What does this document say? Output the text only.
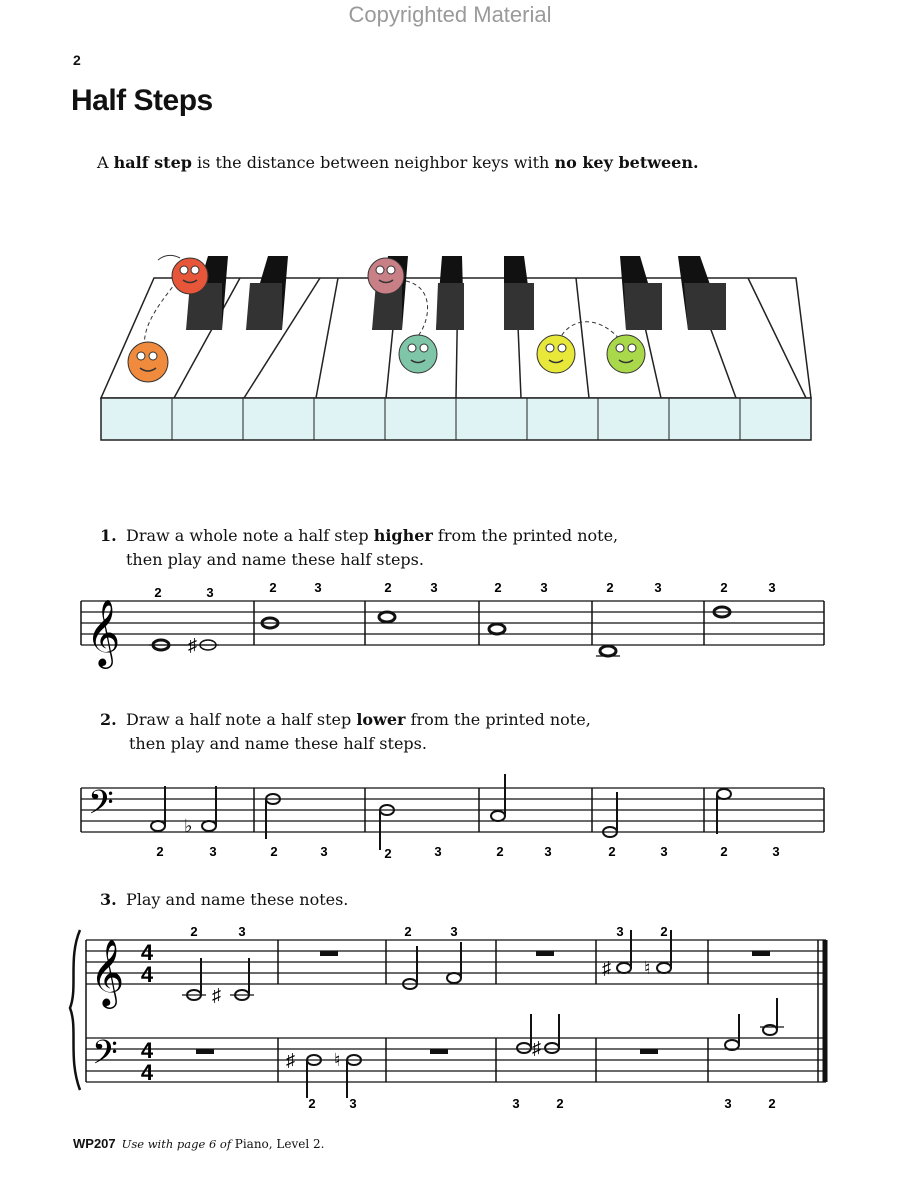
Copyrighted Material
2
Half Steps
A half step is the distance between neighbor keys with no key between.
1. Draw a whole note a half step higher from the printed note,
then play and name these half steps.
2	3	2	3	2	3	2	3	2	3	2	3
𝄞	♯
2. Draw a half note a half step lower from the printed note,
then play and name these half steps.
𝄢	♭
2	3	2	3	2	3	2	3	2	3	2	3
3. Play and name these notes.
2	3	2	3	3	2
𝄞
𝄢
4
4
4
4
♯
♯ ♮
♯ ♮
♯
2	3	3	2	3	2
WP207 Use with page 6 of Piano, Level 2.
